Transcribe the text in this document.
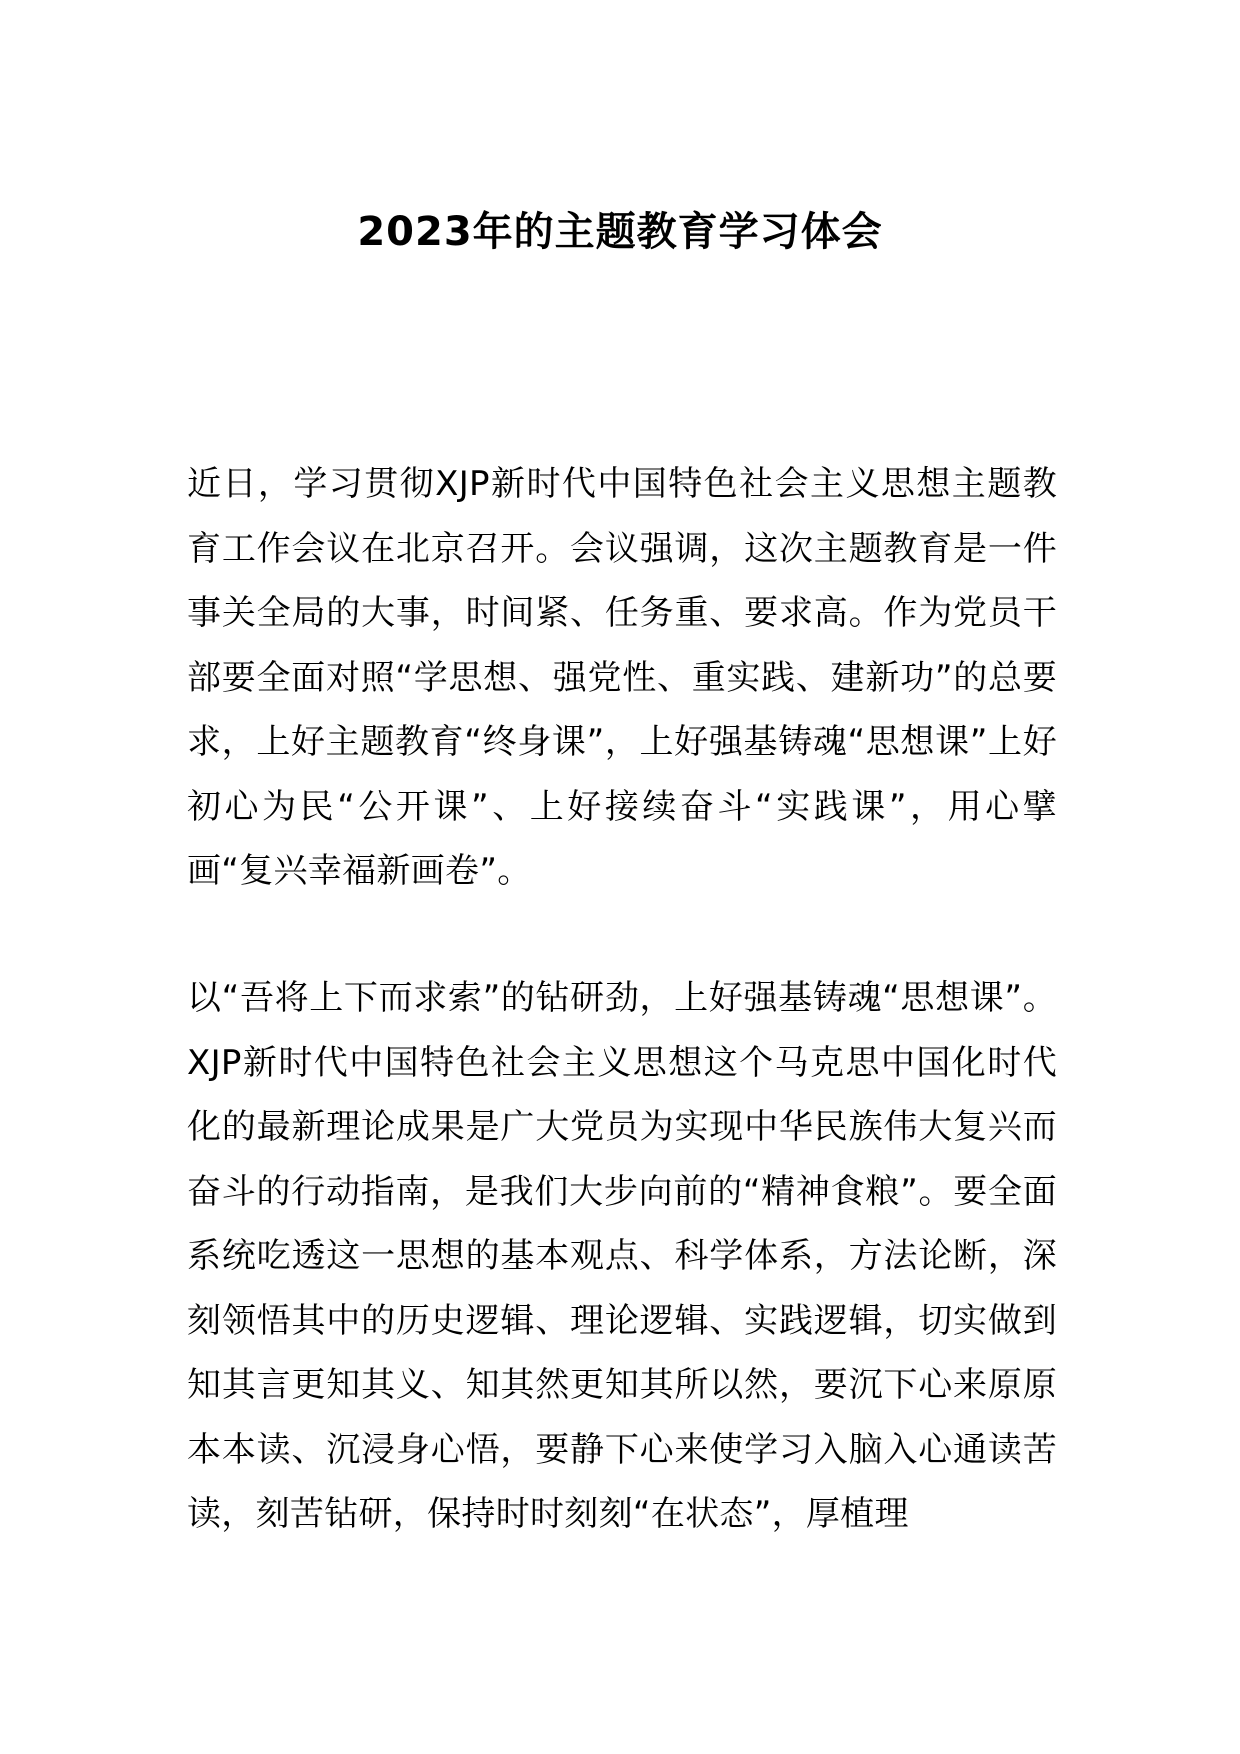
2023年的主题教育学习体会

近日，学习贯彻XJP新时代中国特色社会主义思想主题教育工作会议在北京召开。会议强调，这次主题教育是一件事关全局的大事，时间紧、任务重、要求高。作为党员干部要全面对照“学思想、强党性、重实践、建新功”的总要求，上好主题教育“终身课”，上好强基铸魂“思想课”上好初心为民“公开课”、上好接续奋斗“实践课”，用心擘画“复兴幸福新画卷”。

以“吾将上下而求索”的钻研劲，上好强基铸魂“思想课”。XJP新时代中国特色社会主义思想这个马克思中国化时代化的最新理论成果是广大党员为实现中华民族伟大复兴而奋斗的行动指南，是我们大步向前的“精神食粮”。要全面系统吃透这一思想的基本观点、科学体系，方法论断，深刻领悟其中的历史逻辑、理论逻辑、实践逻辑，切实做到知其言更知其义、知其然更知其所以然，要沉下心来原原本本读、沉浸身心悟，要静下心来使学习入脑入心通读苦读，刻苦钻研，保持时时刻刻“在状态”，厚植理
